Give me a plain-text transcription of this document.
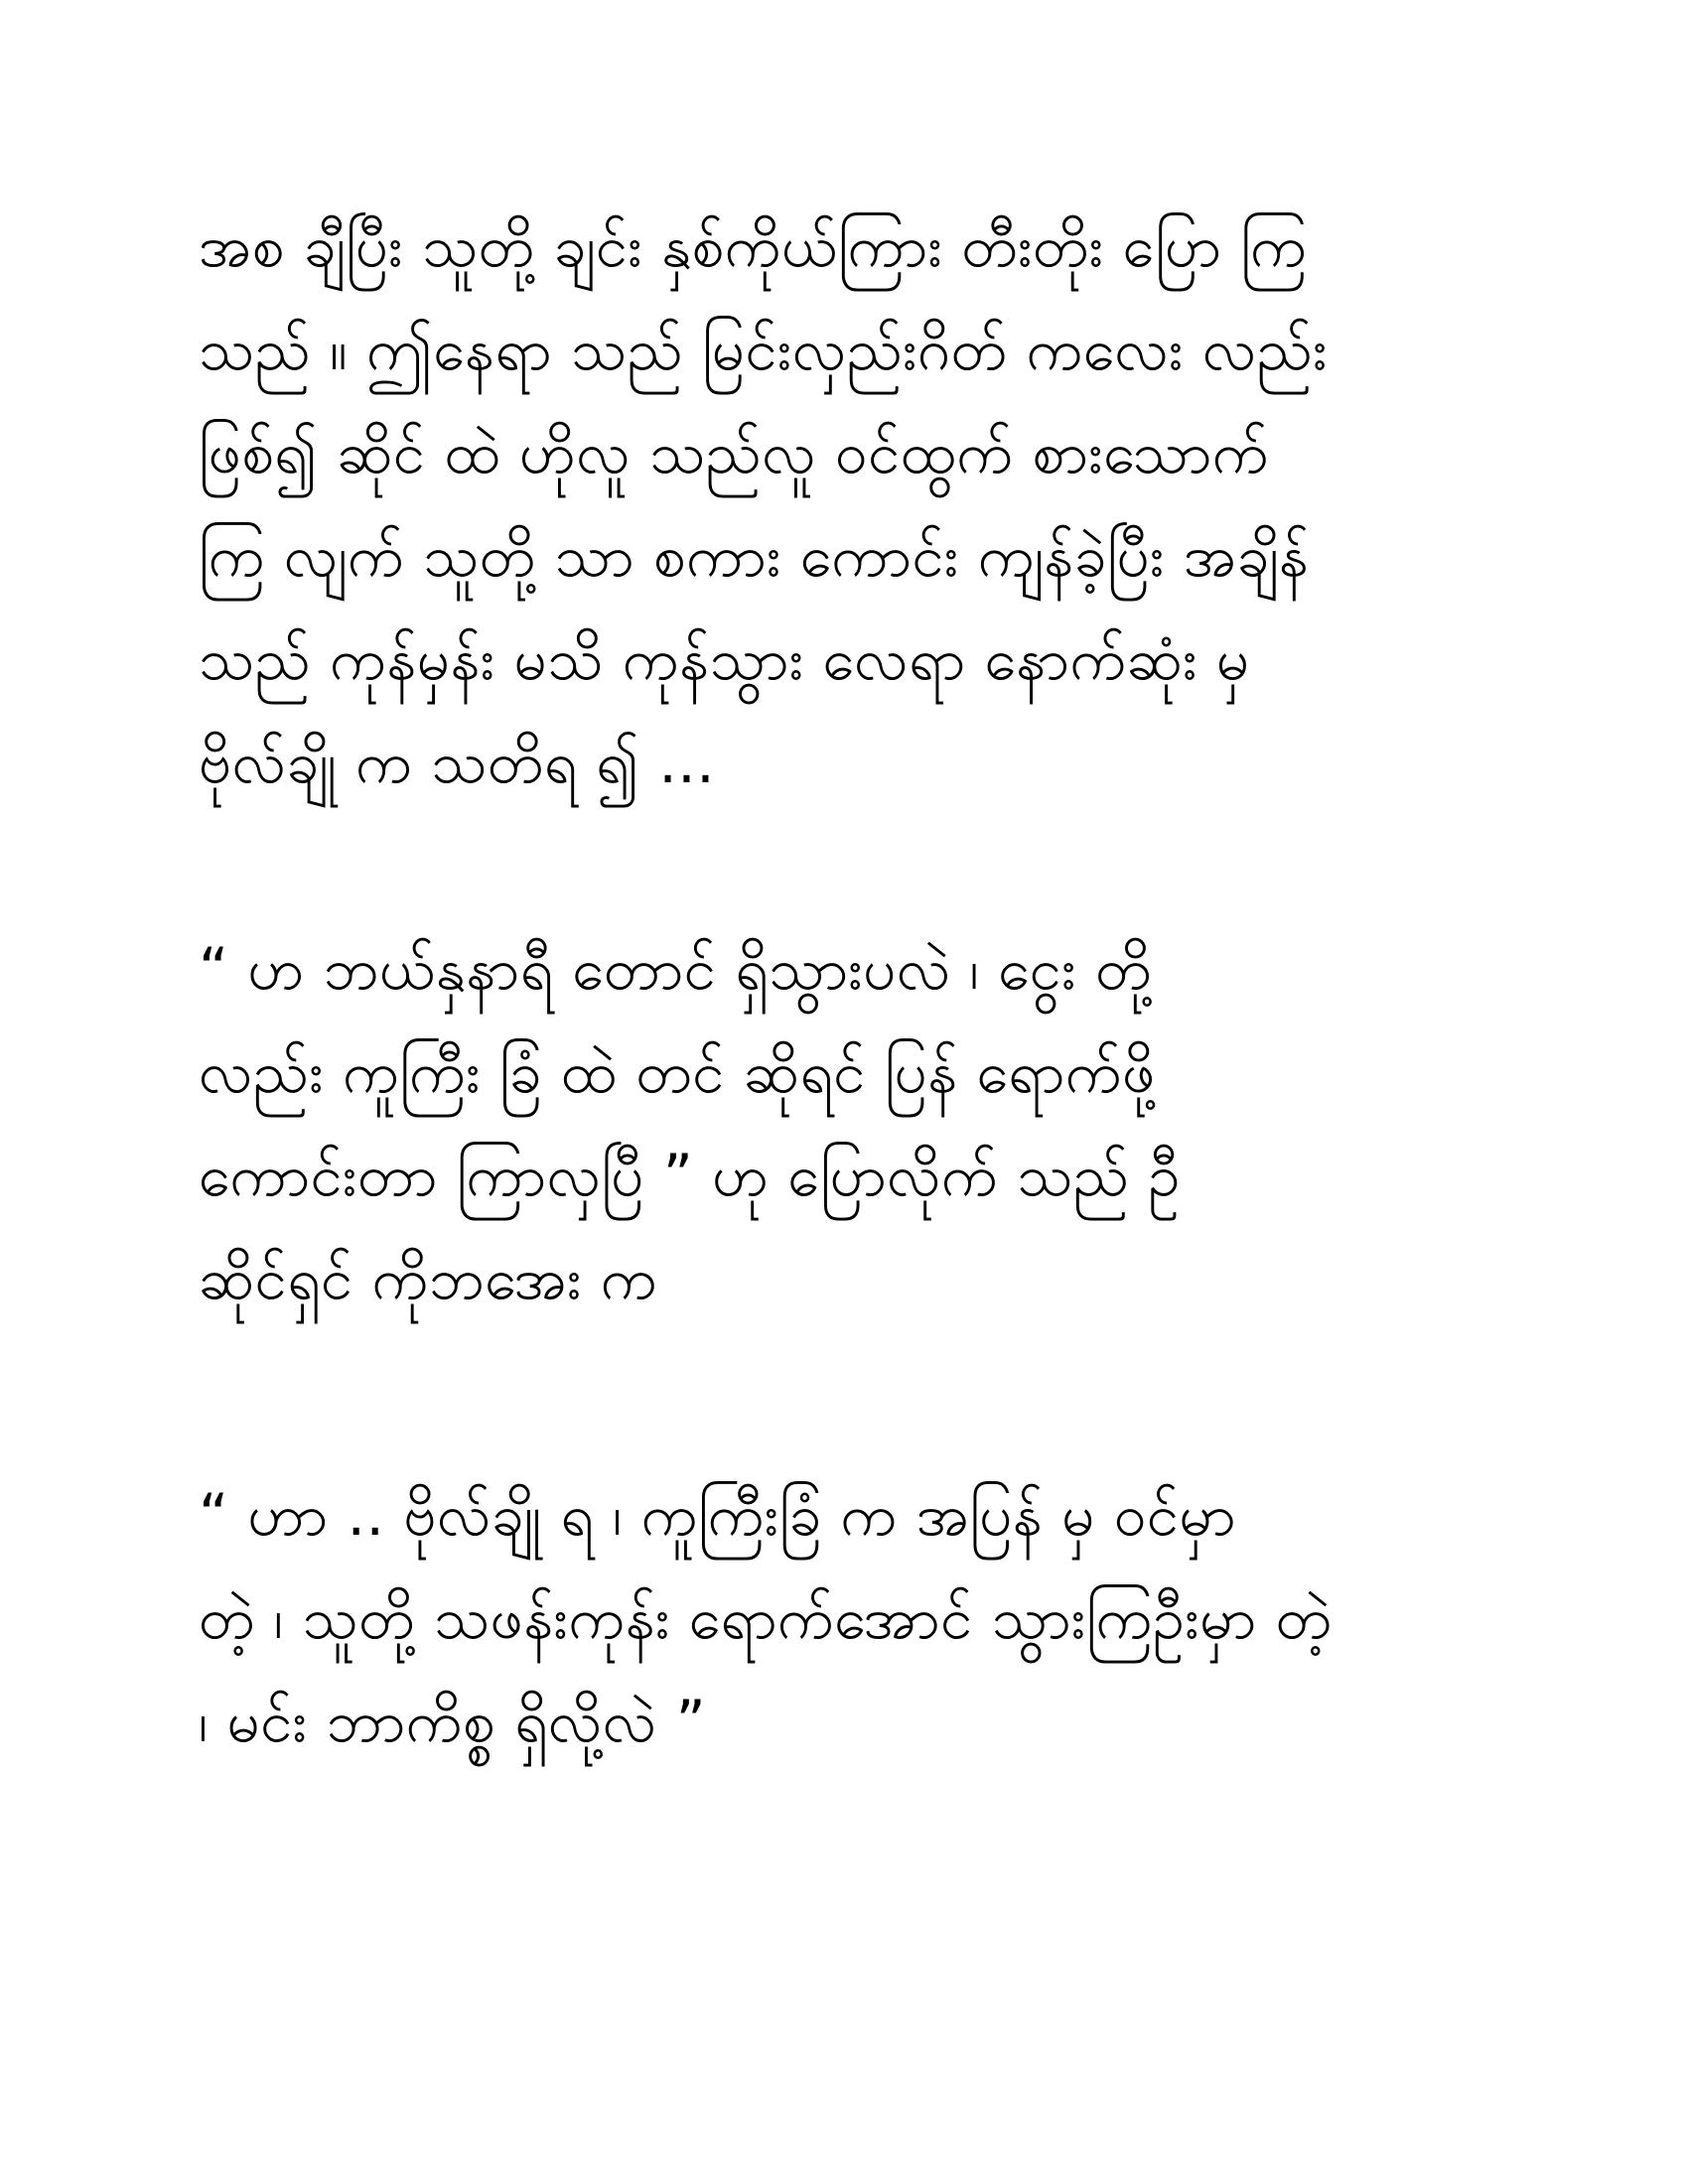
အစ ချီပြီး သူတို့ ချင်း နှစ်ကိုယ်ကြား တီးတိုး ပြော ကြ
သည် ။ ဤနေရာ သည် မြင်းလှည်းဂိတ် ကလေး လည်း
ဖြစ်၍ ဆိုင် ထဲ ဟိုလူ သည်လူ ဝင်ထွက် စားသောက်
ကြ လျက် သူတို့ သာ စကား ကောင်း ကျန်ခဲ့ပြီး အချိန်
သည် ကုန်မှန်း မသိ ကုန်သွား လေရာ နောက်ဆုံး မှ
ဗိုလ်ချို က သတိရ ၍ ...
“ ဟ ဘယ်နှနာရီ တောင် ရှိသွားပလဲ ၊ ငွေး တို့
လည်း ကူကြီး ခြံ ထဲ တင် ဆိုရင် ပြန် ရောက်ဖို့
ကောင်းတာ ကြာလှပြီ ” ဟု ပြောလိုက် သည် ဦ
ဆိုင်ရှင် ကိုဘအေး က
“ ဟာ .. ဗိုလ်ချို ရ ၊ ကူကြီးခြံ က အပြန် မှ ဝင်မှာ
တဲ့ ၊ သူတို့ သဖန်းကုန်း ရောက်အောင် သွားကြဦးမှာ တဲ့
၊ မင်း ဘာကိစ္စ ရှိလို့လဲ ”
